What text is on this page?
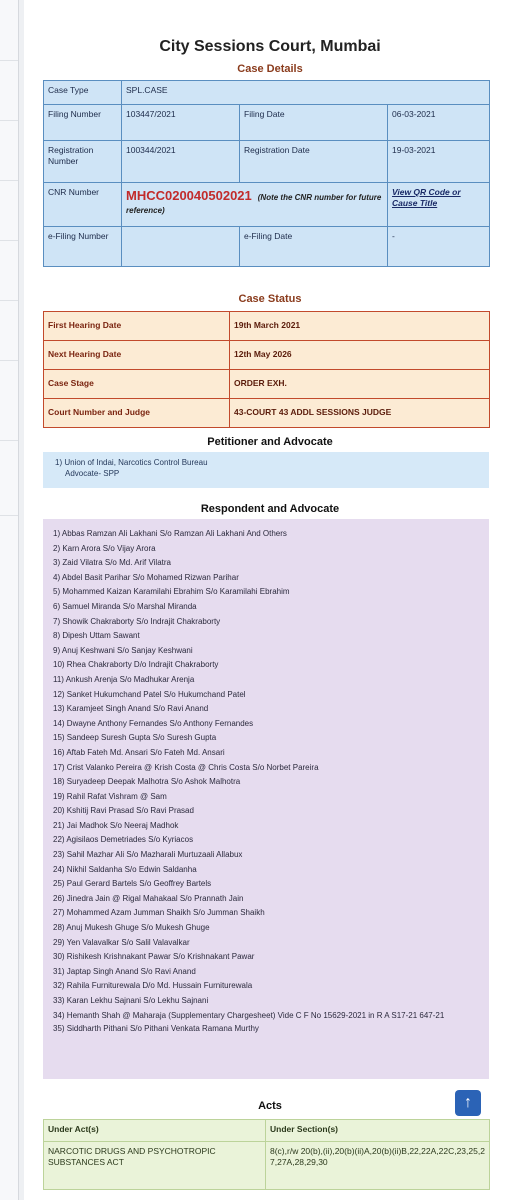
City Sessions Court, Mumbai
Case Details
Case Type	SPL.CASE		
Filing Number	103447/2021	Filing Date	06-03-2021
Registration Number	100344/2021	Registration Date	19-03-2021
CNR Number	MHCC020040502021 (Note the CNR number for future reference)		View QR Code or Cause Title
e-Filing Number		e-Filing Date	-
Case Status
First Hearing Date	19th March 2021
Next Hearing Date	12th May 2026
Case Stage	ORDER EXH.
Court Number and Judge	43-COURT 43 ADDL SESSIONS JUDGE
Petitioner and Advocate
1) Union of Indai, Narcotics Control Bureau
Advocate- SPP
Respondent and Advocate
1) Abbas Ramzan Ali Lakhani S/o Ramzan Ali Lakhani And Others
2) Karn Arora S/o Vijay Arora
3) Zaid Vilatra S/o Md. Arif Vilatra
4) Abdel Basit Parihar S/o Mohamed Rizwan Parihar
5) Mohammed Kaizan Karamilahi Ebrahim S/o Karamilahi Ebrahim
6) Samuel Miranda S/o Marshal Miranda
7) Showik Chakraborty S/o Indrajit Chakraborty
8) Dipesh Uttam Sawant
9) Anuj Keshwani S/o Sanjay Keshwani
10) Rhea Chakraborty D/o Indrajit Chakraborty
11) Ankush Arenja S/o Madhukar Arenja
12) Sanket Hukumchand Patel S/o Hukumchand Patel
13) Karamjeet Singh Anand S/o Ravi Anand
14) Dwayne Anthony Fernandes S/o Anthony Fernandes
15) Sandeep Suresh Gupta S/o Suresh Gupta
16) Aftab Fateh Md. Ansari S/o Fateh Md. Ansari
17) Crist Valanko Pereira @ Krish Costa @ Chris Costa S/o Norbet Pareira
18) Suryadeep Deepak Malhotra S/o Ashok Malhotra
19) Rahil Rafat Vishram @ Sam
20) Kshitij Ravi Prasad S/o Ravi Prasad
21) Jai Madhok S/o Neeraj Madhok
22) Agisilaos Demetriades S/o Kyriacos
23) Sahil Mazhar Ali S/o Mazharali Murtuzaali Allabux
24) Nikhil Saldanha S/o Edwin Saldanha
25) Paul Gerard Bartels S/o Geoffrey Bartels
26) Jinedra Jain @ Rigal Mahakaal S/o Prannath Jain
27) Mohammed Azam Jumman Shaikh S/o Jumman Shaikh
28) Anuj Mukesh Ghuge S/o Mukesh Ghuge
29) Yen Valavalkar S/o Salil Valavalkar
30) Rishikesh Krishnakant Pawar S/o Krishnakant Pawar
31) Japtap Singh Anand S/o Ravi Anand
32) Rahila Furniturewala D/o Md. Hussain Furniturewala
33) Karan Lekhu Sajnani S/o Lekhu Sajnani
34) Hemanth Shah @ Maharaja (Supplementary Chargesheet) Vide C F No 15629-2021 in R A S17-21 647-21
35) Siddharth Pithani S/o Pithani Venkata Ramana Murthy
Acts	↑
Under Act(s)	Under Section(s)
NARCOTIC DRUGS AND PSYCHOTROPIC SUBSTANCES ACT	8(c),r/w 20(b),(ii),20(b)(ii)A,20(b)(ii)B,22,22A,22C,23,25,27,27A,28,29,30
